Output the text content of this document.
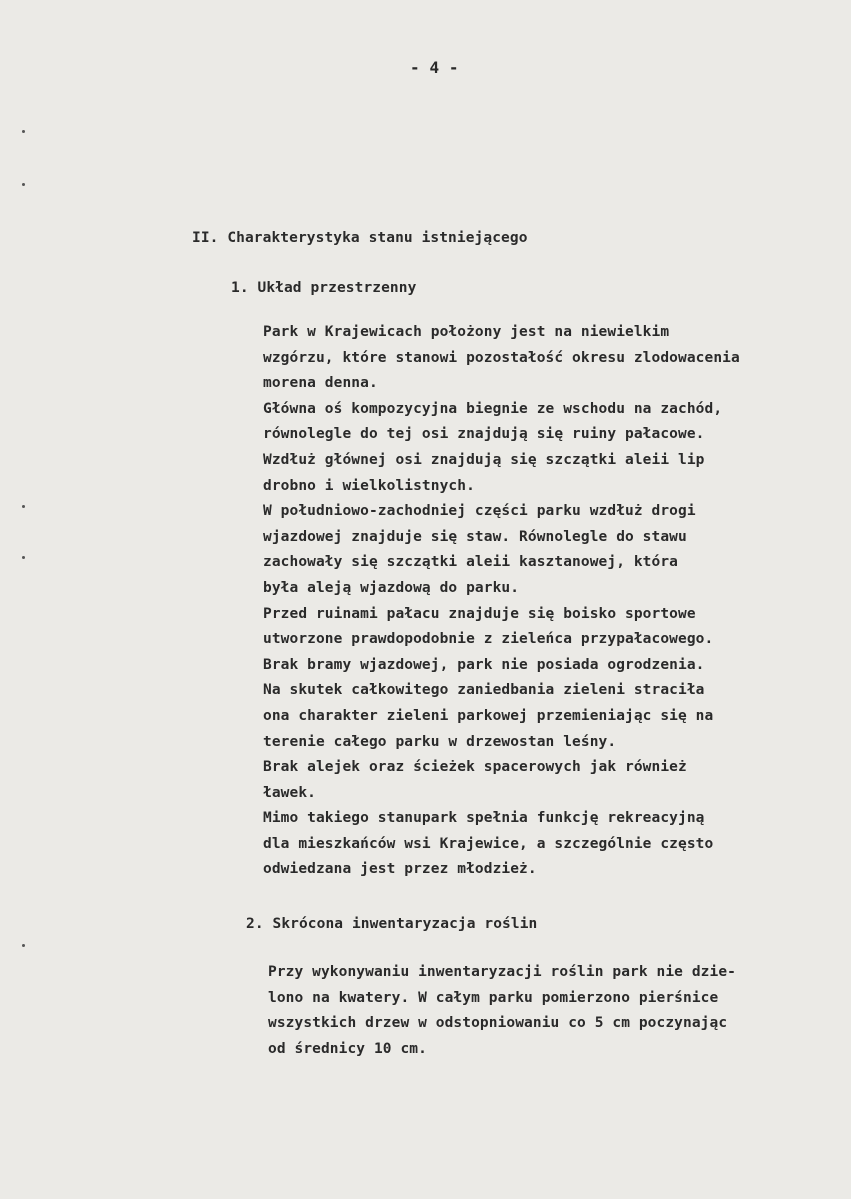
- 4 -
II. Charakterystyka stanu istniejącego
1. Układ przestrzenny
Park w Krajewicach położony jest na niewielkim
wzgórzu, które stanowi pozostałość okresu zlodowacenia
morena denna.
Główna oś kompozycyjna biegnie ze wschodu na zachód,
równolegle do tej osi znajdują się ruiny pałacowe.
Wzdłuż głównej osi znajdują się szczątki aleii lip
drobno i wielkolistnych.
W południowo-zachodniej części parku wzdłuż drogi
wjazdowej znajduje się staw. Równolegle do stawu
zachowały się szczątki aleii kasztanowej, która
była aleją wjazdową do parku.
Przed ruinami pałacu znajduje się boisko sportowe
utworzone prawdopodobnie z zieleńca przypałacowego.
Brak bramy wjazdowej, park nie posiada ogrodzenia.
Na skutek całkowitego zaniedbania zieleni straciła
ona charakter zieleni parkowej przemieniając się na
terenie całego parku w drzewostan leśny.
Brak alejek oraz ścieżek spacerowych jak również
ławek.
Mimo takiego stanupark spełnia funkcję rekreacyjną
dla mieszkańców wsi Krajewice, a szczególnie często
odwiedzana jest przez młodzież.
2. Skrócona inwentaryzacja roślin
Przy wykonywaniu inwentaryzacji roślin park nie dzie-
lono na kwatery. W całym parku pomierzono pierśnice
wszystkich drzew w odstopniowaniu co 5 cm poczynając
od średnicy 10 cm.
